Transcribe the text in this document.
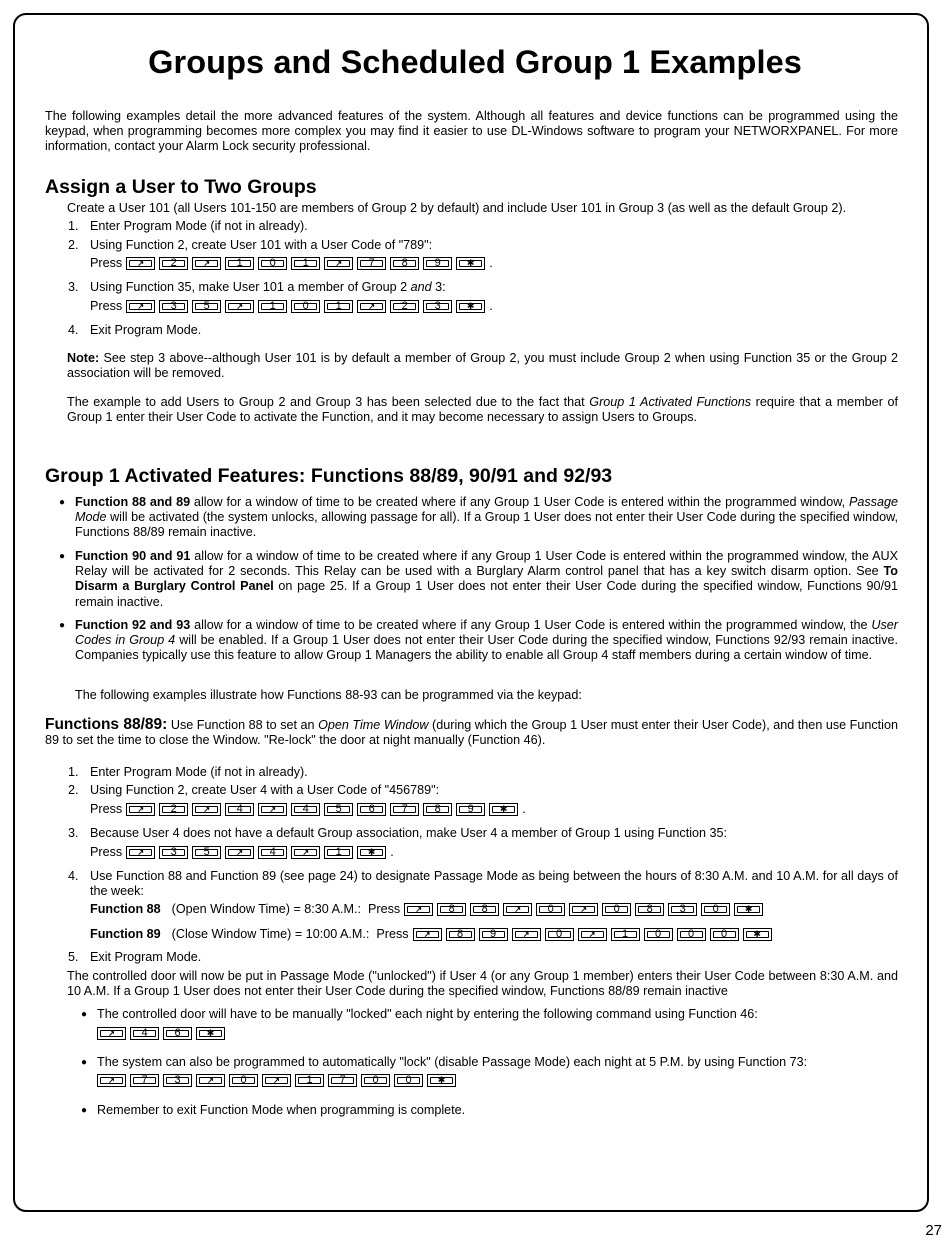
Groups and Scheduled Group 1 Examples
The following examples detail the more advanced features of the system. Although all features and device functions can be programmed using the keypad, when programming becomes more complex you may find it easier to use DL-Windows software to program your NETWORXPANEL. For more information, contact your Alarm Lock security professional.
Assign a User to Two Groups
Create a User 101 (all Users 101-150 are members of Group 2 by default) and include User 101 in Group 3 (as well as the default Group 2).
1. Enter Program Mode (if not in already).
2. Using Function 2, create User 101 with a User Code of "789":
Press	↗	2	↗	1	0	1	↗	7	8	9	✱	.
3. Using Function 35, make User 101 a member of Group 2 and 3:
Press	↗	3	5	↗	1	0	1	↗	2	3	✱	.
4. Exit Program Mode.
Note: See step 3 above--although User 101 is by default a member of Group 2, you must include Group 2 when using Function 35 or the Group 2 association will be removed.
The example to add Users to Group 2 and Group 3 has been selected due to the fact that Group 1 Activated Functions require that a member of Group 1 enter their User Code to activate the Function, and it may become necessary to assign Users to Groups.
Group 1 Activated Features: Functions 88/89, 90/91 and 92/93
● Function 88 and 89 allow for a window of time to be created where if any Group 1 User Code is entered within the programmed window, Passage Mode will be activated (the system unlocks, allowing passage for all). If a Group 1 User does not enter their User Code during the specified window, Functions 88/89 remain inactive.
● Function 90 and 91 allow for a window of time to be created where if any Group 1 User Code is entered within the programmed window, the AUX Relay will be activated for 2 seconds. This Relay can be used with a Burglary Alarm control panel that has a key switch disarm option. See To Disarm a Burglary Control Panel on page 25. If a Group 1 User does not enter their User Code during the specified window, Functions 90/91 remain inactive.
● Function 92 and 93 allow for a window of time to be created where if any Group 1 User Code is entered within the programmed window, the User Codes in Group 4 will be enabled. If a Group 1 User does not enter their User Code during the specified window, Functions 92/93 remain inactive. Companies typically use this feature to allow Group 1 Managers the ability to enable all Group 4 staff members during a certain window of time.
The following examples illustrate how Functions 88-93 can be programmed via the keypad:
Functions 88/89: Use Function 88 to set an Open Time Window (during which the Group 1 User must enter their User Code), and then use Function 89 to set the time to close the Window. "Re-lock" the door at night manually (Function 46).
1. Enter Program Mode (if not in already).
2. Using Function 2, create User 4 with a User Code of "456789":
Press	↗	2	↗	4	↗	4	5	6	7	8	9	✱	.
3. Because User 4 does not have a default Group association, make User 4 a member of Group 1 using Function 35:
Press	↗	3	5	↗	4	↗	1	✱	.
4. Use Function 88 and Function 89 (see page 24) to designate Passage Mode as being between the hours of 8:30 A.M. and 10 A.M. for all days of the week:
Function 88 (Open Window Time) = 8:30 A.M.:  Press	↗	8	8	↗	0	↗	0	8	3	0	✱
Function 89 (Close Window Time) = 10:00 A.M.:  Press	↗	8	9	↗	0	↗	1	0	0	0	✱
5. Exit Program Mode.
The controlled door will now be put in Passage Mode ("unlocked") if User 4 (or any Group 1 member) enters their User Code between 8:30 A.M. and 10 A.M. If a Group 1 User does not enter their User Code during the specified window, Functions 88/89 remain inactive
● The controlled door will have to be manually "locked" each night by entering the following command using Function 46:
↗	4	6	✱
● The system can also be programmed to automatically "lock" (disable Passage Mode) each night at 5 P.M. by using Function 73:
↗	7	3	↗	0	↗	1	7	0	0	✱
● Remember to exit Function Mode when programming is complete.
27
